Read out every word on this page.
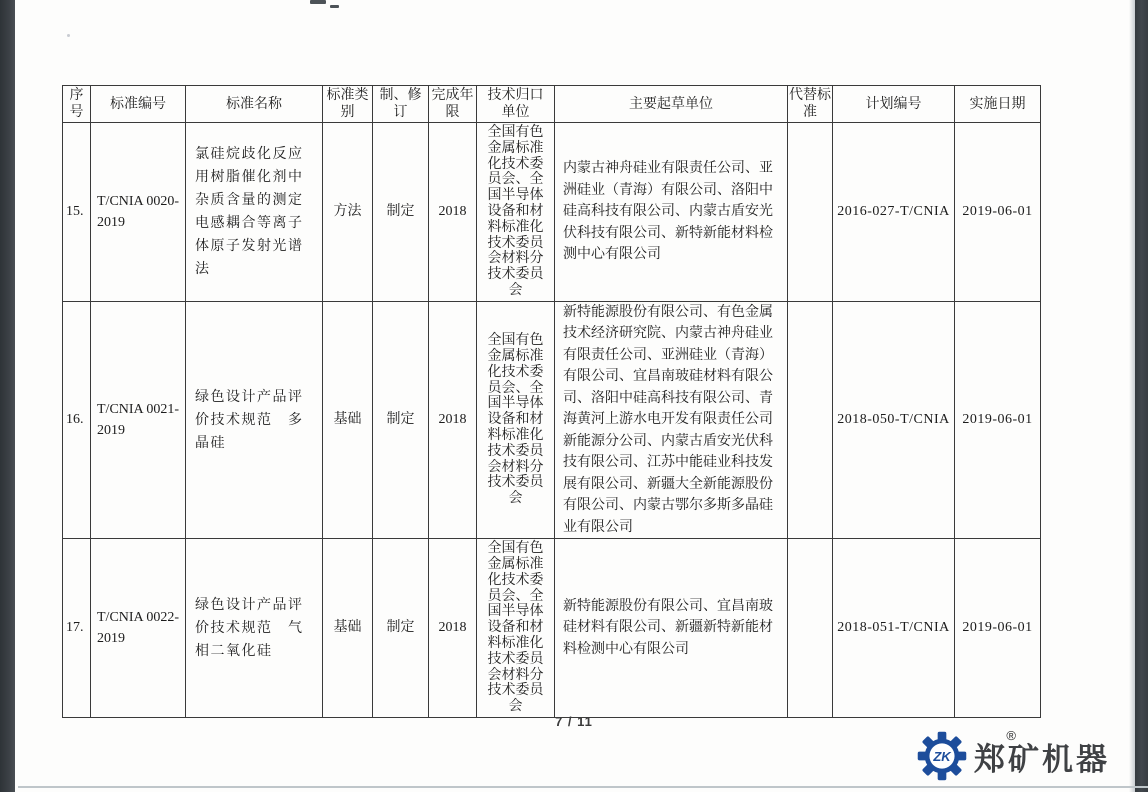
序号	标准编号	标准名称	标准类别	制、修订	完成年限	技术归口单位	主要起草单位	代替标准	计划编号	实施日期
15.	T/CNIA 0020-2019	氯硅烷歧化反应用树脂催化剂中杂质含量的测定　电感耦合等离子体原子发射光谱法	方法	制定	2018	全国有色金属标准化技术委员会、全国半导体设备和材料标准化技术委员会材料分技术委员会	内蒙古神舟硅业有限责任公司、亚洲硅业（青海）有限公司、洛阳中硅高科技有限公司、内蒙古盾安光伏科技有限公司、新特新能材料检测中心有限公司		2016-027-T/CNIA	2019-06-01
16.	T/CNIA 0021-2019	绿色设计产品评价技术规范　多晶硅	基础	制定	2018	全国有色金属标准化技术委员会、全国半导体设备和材料标准化技术委员会材料分技术委员会	新特能源股份有限公司、有色金属技术经济研究院、内蒙古神舟硅业有限责任公司、亚洲硅业（青海）有限公司、宜昌南玻硅材料有限公司、洛阳中硅高科技有限公司、青海黄河上游水电开发有限责任公司新能源分公司、内蒙古盾安光伏科技有限公司、江苏中能硅业科技发展有限公司、新疆大全新能源股份有限公司、内蒙古鄂尔多斯多晶硅业有限公司		2018-050-T/CNIA	2019-06-01
17.	T/CNIA 0022-2019	绿色设计产品评价技术规范　气相二氧化硅	基础	制定	2018	全国有色金属标准化技术委员会、全国半导体设备和材料标准化技术委员会材料分技术委员会	新特能源股份有限公司、宜昌南玻硅材料有限公司、新疆新特新能材料检测中心有限公司		2018-051-T/CNIA	2019-06-01
7 / 11
ZK
®
郑矿机器
